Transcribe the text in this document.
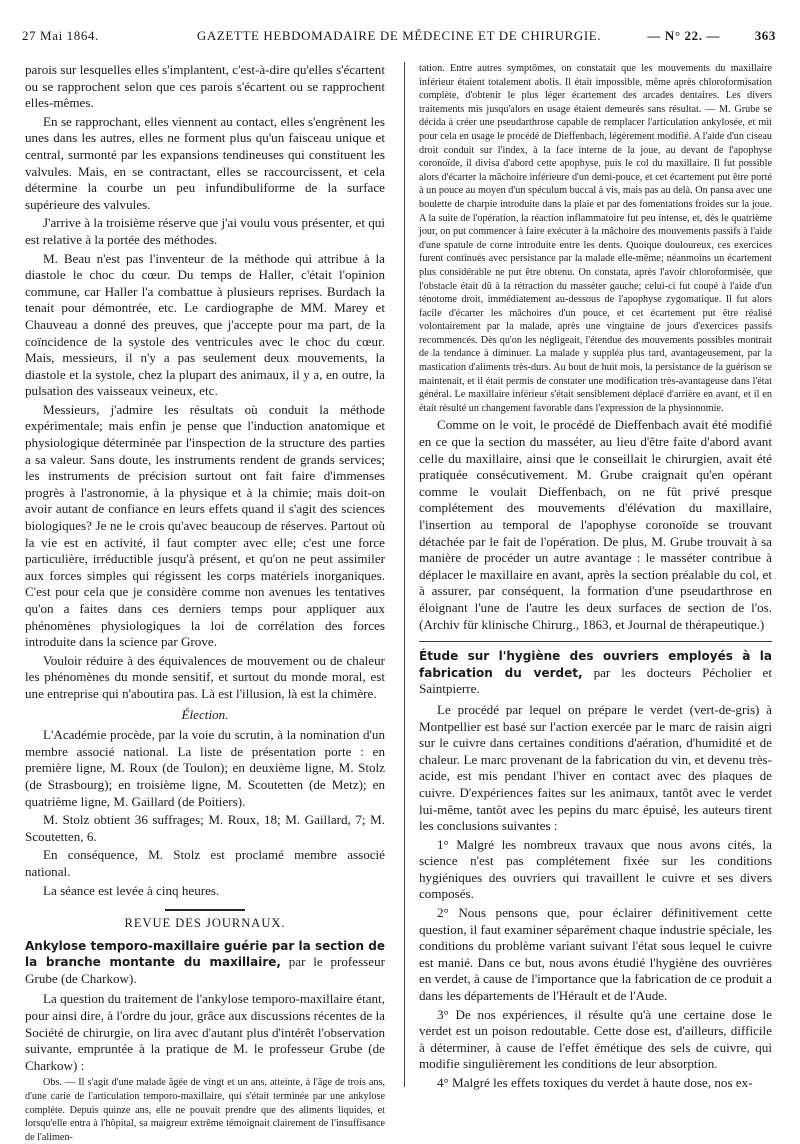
27 Mai 1864.	GAZETTE HEBDOMADAIRE DE MÉDECINE ET DE CHIRURGIE.	— N° 22. —	363

parois sur lesquelles elles s'implantent, c'est-à-dire qu'elles s'écartent ou se rapprochent selon que ces parois s'écartent ou se rapprochent elles-mêmes.

En se rapprochant, elles viennent au contact, elles s'engrènent les unes dans les autres, elles ne forment plus qu'un faisceau unique et central, surmonté par les expansions tendineuses qui constituent les valvules. Mais, en se contractant, elles se raccourcissent, et cela détermine la courbe un peu infundibuliforme de la surface supérieure des valvules.

J'arrive à la troisième réserve que j'ai voulu vous présenter, et qui est relative à la portée des méthodes.

M. Beau n'est pas l'inventeur de la méthode qui attribue à la diastole le choc du cœur. Du temps de Haller, c'était l'opinion commune, car Haller l'a combattue à plusieurs reprises. Burdach la tenait pour démontrée, etc. Le cardiographe de MM. Marey et Chauveau a donné des preuves, que j'accepte pour ma part, de la coïncidence de la systole des ventricules avec le choc du cœur. Mais, messieurs, il n'y a pas seulement deux mouvements, la diastole et la systole, chez la plupart des animaux, il y a, en outre, la pulsation des vaisseaux veineux, etc.

Messieurs, j'admire les résultats où conduit la méthode expérimentale; mais enfin je pense que l'induction anatomique et physiologique déterminée par l'inspection de la structure des parties a sa valeur. Sans doute, les instruments rendent de grands services; les instruments de précision surtout ont fait faire d'immenses progrès à l'astronomie, à la physique et à la chimie; mais doit-on avoir autant de confiance en leurs effets quand il s'agit des sciences biologiques? Je ne le crois qu'avec beaucoup de réserves. Partout où la vie est en activité, il faut compter avec elle; c'est une force particulière, irréductible jusqu'à présent, et qu'on ne peut assimiler aux forces simples qui régissent les corps matériels inorganiques. C'est pour cela que je considère comme non avenues les tentatives qu'on a faites dans ces derniers temps pour appliquer aux phénomènes physiologiques la loi de corrélation des forces introduite dans la science par Grove.

Vouloir réduire à des équivalences de mouvement ou de chaleur les phénomènes du monde sensitif, et surtout du monde moral, est une entreprise qui n'aboutira pas. Là est l'illusion, là est la chimère.

Élection.

L'Académie procède, par la voie du scrutin, à la nomination d'un membre associé national. La liste de présentation porte : en première ligne, M. Roux (de Toulon); en deuxième ligne, M. Stolz (de Strasbourg); en troisième ligne, M. Scoutetten (de Metz); en quatrième ligne, M. Gaillard (de Poitiers).

M. Stolz obtient 36 suffrages; M. Roux, 18; M. Gaillard, 7; M. Scoutetten, 6.

En conséquence, M. Stolz est proclamé membre associé national.

La séance est levée à cinq heures.

REVUE DES JOURNAUX.

Ankylose temporo-maxillaire guérie par la section de la branche montante du maxillaire, par le professeur Grube (de Charkow).

La question du traitement de l'ankylose temporo-maxillaire étant, pour ainsi dire, à l'ordre du jour, grâce aux discussions récentes de la Société de chirurgie, on lira avec d'autant plus d'intérêt l'observation suivante, empruntée à la pratique de M. le professeur Grube (de Charkow) :

Obs. — Il s'agit d'une malade âgée de vingt et un ans, atteinte, à l'âge de trois ans, d'une carie de l'articulation temporo-maxillaire, qui s'était terminée par une ankylose complète. Depuis quinze ans, elle ne pouvait prendre que des aliments liquides, et lorsqu'elle entra à l'hôpital, sa maigreur extrême témoignait clairement de l'insuffisance de l'alimen-

tation. Entre autres symptômes, on constatait que les mouvements du maxillaire inférieur étaient totalement abolis. Il était impossible, même après chloroformisation complète, d'obtenir le plus léger écartement des arcades dentaires. Les divers traitements mis jusqu'alors en usage étaient demeurés sans résultat. — M. Grube se décida à créer une pseudarthrose capable de remplacer l'articulation ankylosée, et mit pour cela en usage le procédé de Dieffenbach, légèrement modifié. A l'aide d'un ciseau droit conduit sur l'index, à la face interne de la joue, au devant de l'apophyse coronoïde, il divisa d'abord cette apophyse, puis le col du maxillaire. Il fut possible alors d'écarter la mâchoire inférieure d'un demi-pouce, et cet écartement put être porté à un pouce au moyen d'un spéculum buccal à vis, mais pas au delà. On pansa avec une boulette de charpie introduite dans la plaie et par des fomentations froides sur la joue. A la suite de l'opération, la réaction inflammatoire fut peu intense, et, dès le quatrième jour, on put commencer à faire exécuter à la mâchoire des mouvements passifs à l'aide d'une spatule de corne introduite entre les dents. Quoique douloureux, ces exercices furent continués avec persistance par la malade elle-même; néanmoins un écartement plus considérable ne put être obtenu. On constata, après l'avoir chloroformisée, que l'obstacle était dû à la rétraction du masséter gauche; celui-ci fut coupé à l'aide d'un ténotome droit, immédiatement au-dessous de l'apophyse zygomatique. Il fut alors facile d'écarter les mâchoires d'un pouce, et cet écartement put être réalisé volontairement par la malade, après une vingtaine de jours d'exercices passifs recommencés. Dès qu'on les négligeait, l'étendue des mouvements possibles montrait de la tendance à diminuer. La malade y suppléa plus tard, avantageusement, par la mastication d'aliments très-durs. Au bout de huit mois, la persistance de la guérison se maintenait, et il était permis de constater une modification très-avantageuse dans l'état général. Le maxillaire inférieur s'était sensiblement déplacé d'arrière en avant, et il en était résulté un changement favorable dans l'expression de la physionomie.

Comme on le voit, le procédé de Dieffenbach avait été modifié en ce que la section du masséter, au lieu d'être faite d'abord avant celle du maxillaire, ainsi que le conseillait le chirurgien, avait été pratiquée consécutivement. M. Grube craignait qu'en opérant comme le voulait Dieffenbach, on ne fût privé presque complétement des mouvements d'élévation du maxillaire, l'insertion au temporal de l'apophyse coronoïde se trouvant détachée par le fait de l'opération. De plus, M. Grube trouvait à sa manière de procéder un autre avantage : le masséter contribue à déplacer le maxillaire en avant, après la section préalable du col, et à assurer, par conséquent, la formation d'une pseudarthrose en éloignant l'une de l'autre les deux surfaces de section de l'os. (Archiv für klinische Chirurg., 1863, et Journal de thérapeutique.)

Étude sur l'hygiène des ouvriers employés à la fabrication du verdet, par les docteurs Pécholier et Saintpierre.

Le procédé par lequel on prépare le verdet (vert-de-gris) à Montpellier est basé sur l'action exercée par le marc de raisin aigri sur le cuivre dans certaines conditions d'aération, d'humidité et de chaleur. Le marc provenant de la fabrication du vin, et devenu très-acide, est mis pendant l'hiver en contact avec des plaques de cuivre. D'expériences faites sur les animaux, tantôt avec le verdet lui-même, tantôt avec les pepins du marc épuisé, les auteurs tirent les conclusions suivantes :

1° Malgré les nombreux travaux que nous avons cités, la science n'est pas complétement fixée sur les conditions hygiéniques des ouvriers qui travaillent le cuivre et ses divers composés.

2° Nous pensons que, pour éclairer définitivement cette question, il faut examiner séparément chaque industrie spéciale, les conditions du problème variant suivant l'état sous lequel le cuivre est manié. Dans ce but, nous avons étudié l'hygiène des ouvrières en verdet, à cause de l'importance que la fabrication de ce produit a dans les départements de l'Hérault et de l'Aude.

3° De nos expériences, il résulte qu'à une certaine dose le verdet est un poison redoutable. Cette dose est, d'ailleurs, difficile à déterminer, à cause de l'effet émétique des sels de cuivre, qui modifie singulièrement les conditions de leur absorption.

4° Malgré les effets toxiques du verdet à haute dose, nos ex-
